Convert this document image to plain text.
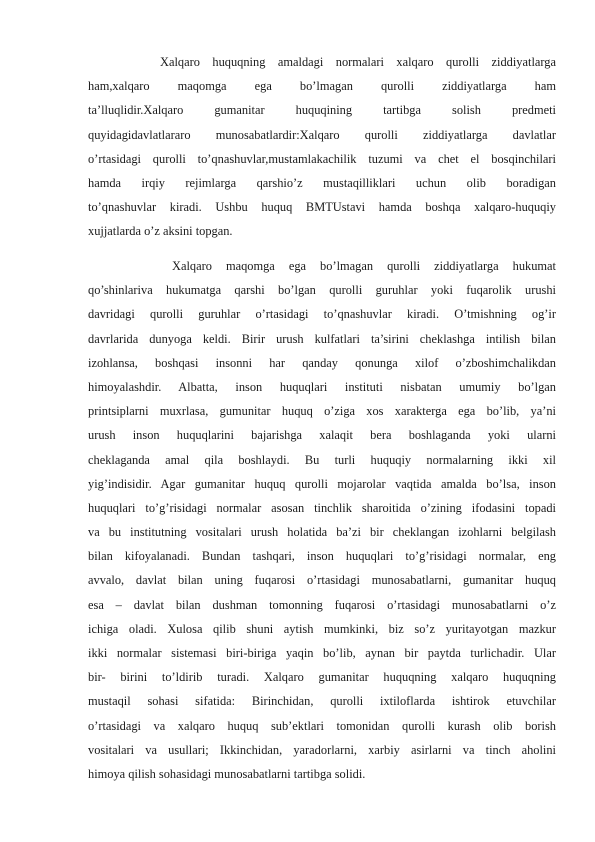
Xalqaro huquqning amaldagi normalari xalqaro qurolli ziddiyatlarga
ham,xalqaro maqomga ega bo’lmagan qurolli ziddiyatlarga ham
ta’lluqlidir.Xalqaro gumanitar huquqining tartibga solish predmeti
quyidagidavlatlararo munosabatlardir:Xalqaro qurolli ziddiyatlarga davlatlar
o’rtasidagi qurolli to’qnashuvlar,mustamlakachilik tuzumi va chet el bosqinchilari
hamda irqiy rejimlarga qarshio’z mustaqilliklari uchun olib boradigan
to’qnashuvlar kiradi. Ushbu huquq BMTUstavi hamda boshqa xalqaro-huquqiy
xujjatlarda o’z aksini topgan.
Xalqaro maqomga ega bo’lmagan qurolli ziddiyatlarga hukumat
qo’shinlariva hukumatga qarshi bo’lgan qurolli guruhlar yoki fuqarolik urushi
davridagi qurolli guruhlar o’rtasidagi to’qnashuvlar kiradi. O’tmishning og’ir
davrlarida dunyoga keldi. Birir urush kulfatlari ta’sirini cheklashga intilish bilan
izohlansa, boshqasi insonni har qanday qonunga xilof o’zboshimchalikdan
himoyalashdir. Albatta, inson huquqlari instituti nisbatan umumiy bo’lgan
printsiplarni muxrlasa, gumunitar huquq o’ziga xos xarakterga ega bo’lib, ya’ni
urush inson huquqlarini bajarishga xalaqit bera boshlaganda yoki ularni
cheklaganda amal qila boshlaydi. Bu turli huquqiy normalarning ikki xil
yig’indisidir. Agar gumanitar huquq qurolli mojarolar vaqtida amalda bo’lsa, inson
huquqlari to’g’risidagi normalar asosan tinchlik sharoitida o’zining ifodasini topadi
va bu institutning vositalari urush holatida ba’zi bir cheklangan izohlarni belgilash
bilan kifoyalanadi. Bundan tashqari, inson huquqlari to’g’risidagi normalar, eng
avvalo, davlat bilan uning fuqarosi o’rtasidagi munosabatlarni, gumanitar huquq
esa – davlat bilan dushman tomonning fuqarosi o’rtasidagi munosabatlarni o’z
ichiga oladi. Xulosa qilib shuni aytish mumkinki, biz so’z yuritayotgan mazkur
ikki normalar sistemasi biri-biriga yaqin bo’lib, aynan bir paytda turlichadir. Ular
bir- birini to’ldirib turadi. Xalqaro gumanitar huquqning xalqaro huquqning
mustaqil sohasi sifatida: Birinchidan, qurolli ixtiloflarda ishtirok etuvchilar
o’rtasidagi va xalqaro huquq sub’ektlari tomonidan qurolli kurash olib borish
vositalari va usullari; Ikkinchidan, yaradorlarni, xarbiy asirlarni va tinch aholini
himoya qilish sohasidagi munosabatlarni tartibga solidi.
